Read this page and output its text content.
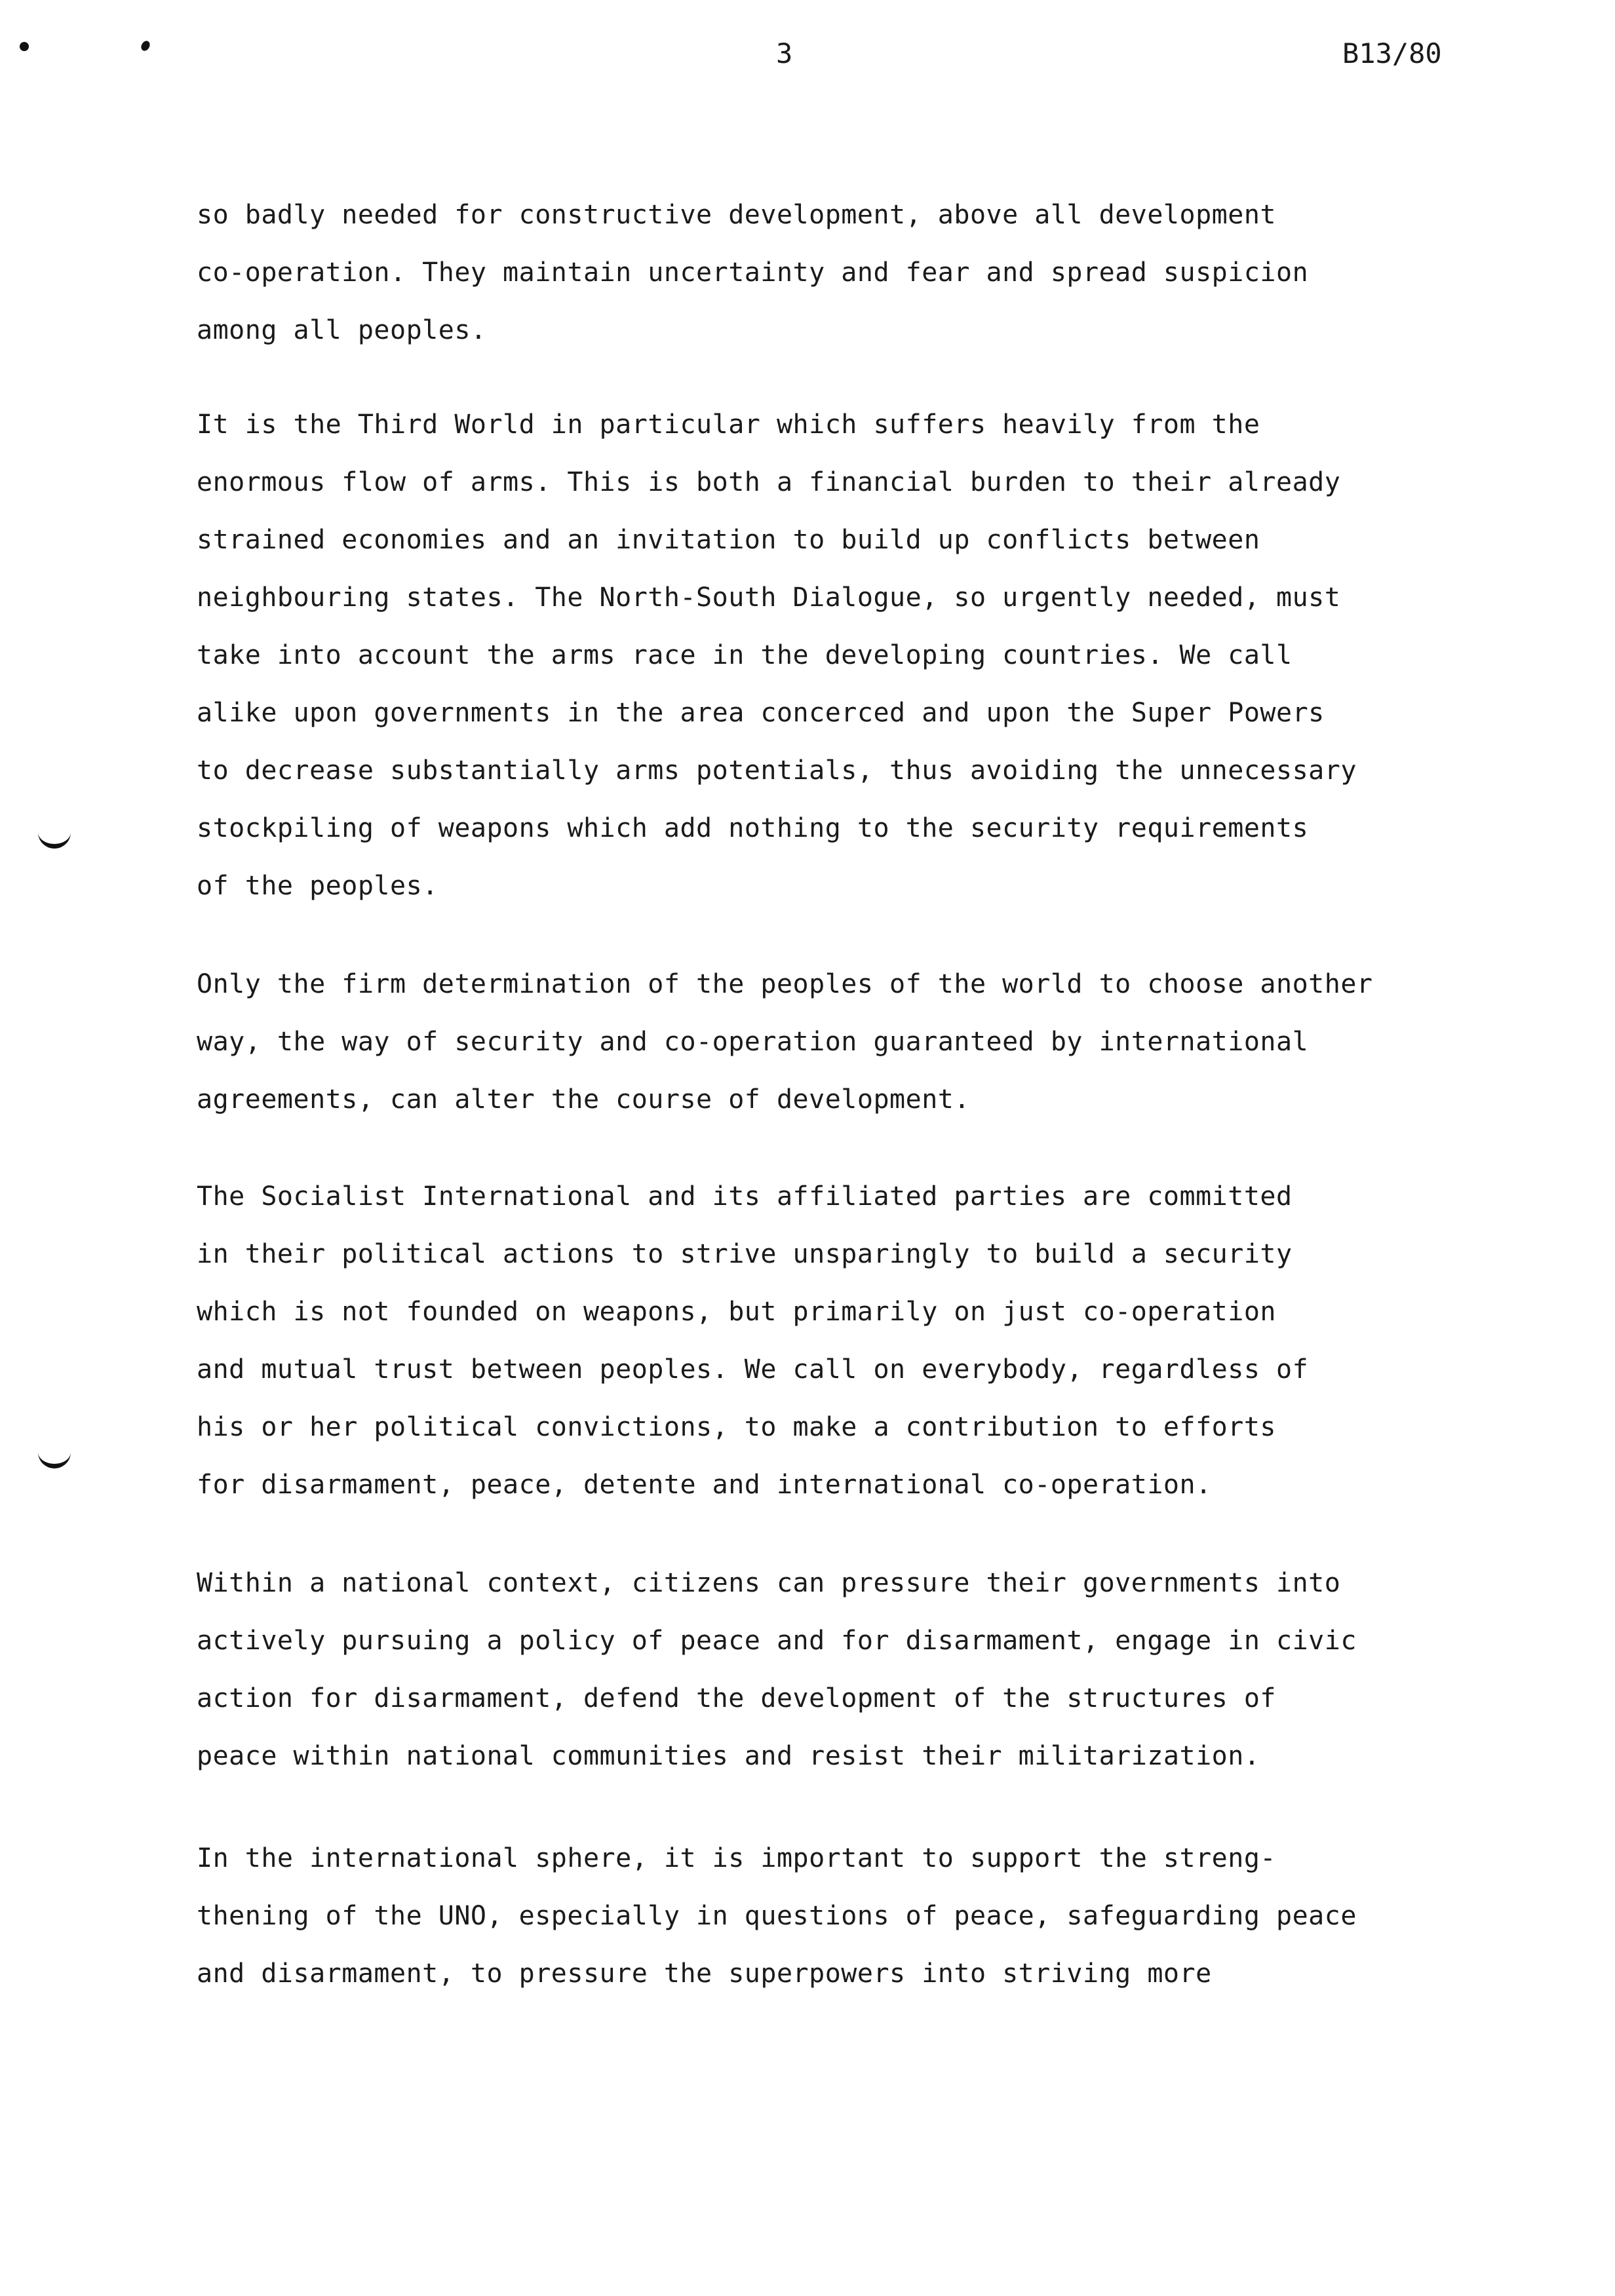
3	B13/80
so badly needed for constructive development, above all development
co-operation. They maintain uncertainty and fear and spread suspicion
among all peoples.
It is the Third World in particular which suffers heavily from the
enormous flow of arms. This is both a financial burden to their already
strained economies and an invitation to build up conflicts between
neighbouring states. The North-South Dialogue, so urgently needed, must
take into account the arms race in the developing countries. We call
alike upon governments in the area concerced and upon the Super Powers
to decrease substantially arms potentials, thus avoiding the unnecessary
stockpiling of weapons which add nothing to the security requirements
of the peoples.
Only the firm determination of the peoples of the world to choose another
way, the way of security and co-operation guaranteed by international
agreements, can alter the course of development.
The Socialist International and its affiliated parties are committed
in their political actions to strive unsparingly to build a security
which is not founded on weapons, but primarily on just co-operation
and mutual trust between peoples. We call on everybody, regardless of
his or her political convictions, to make a contribution to efforts
for disarmament, peace, detente and international co-operation.
Within a national context, citizens can pressure their governments into
actively pursuing a policy of peace and for disarmament, engage in civic
action for disarmament, defend the development of the structures of
peace within national communities and resist their militarization.
In the international sphere, it is important to support the streng-
thening of the UNO, especially in questions of peace, safeguarding peace
and disarmament, to pressure the superpowers into striving more
